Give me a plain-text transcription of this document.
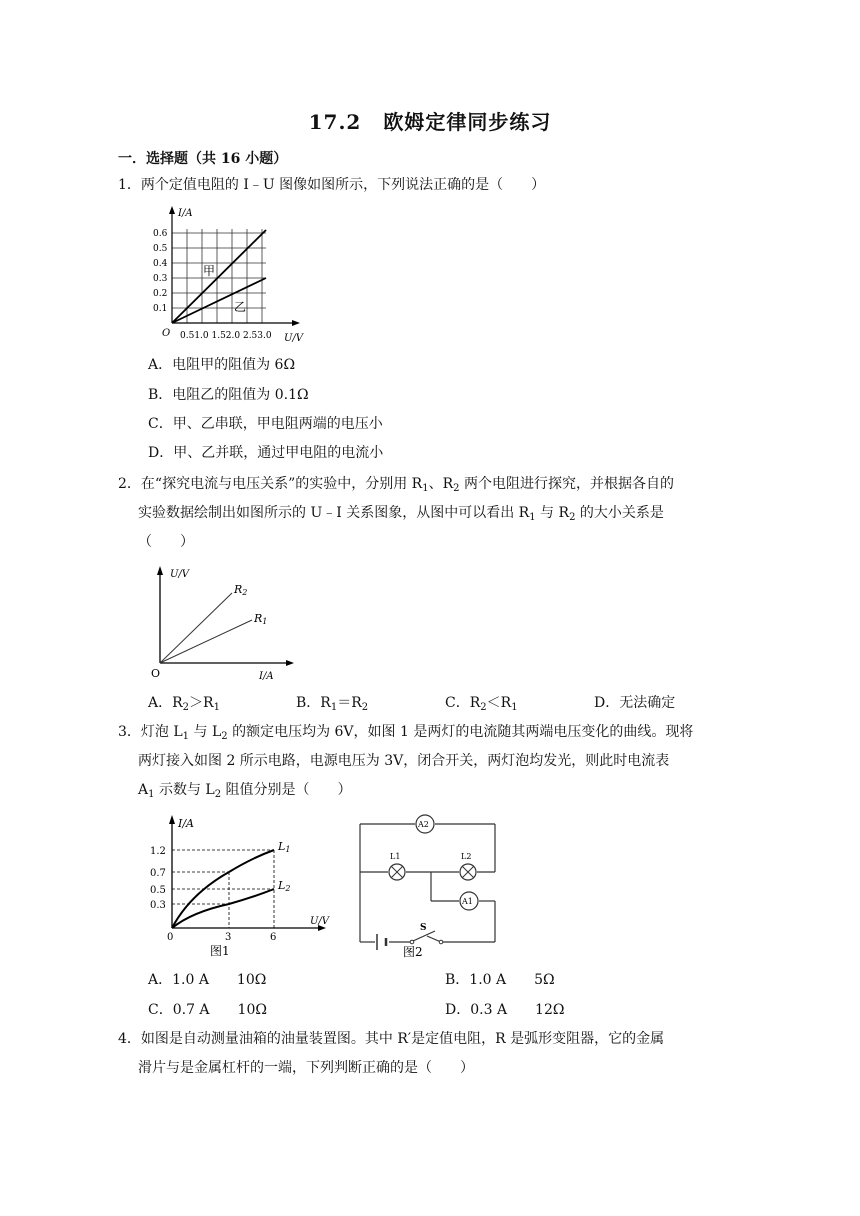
17.2 欧姆定律同步练习
一．选择题（共 16 小题）
1．两个定值电阻的 I﹣U 图像如图所示，下列说法正确的是（　　）
I/A
0.6
0.5
0.4
0.3
0.2
0.1
O 0.51.0 1.52.0 2.53.0 U/V
甲
乙
A．电阻甲的阻值为 6Ω
B．电阻乙的阻值为 0.1Ω
C．甲、乙串联，甲电阻两端的电压小
D．甲、乙并联，通过甲电阻的电流小
2．在“探究电流与电压关系”的实验中，分别用 $R_1$、$R_2$ 两个电阻进行探究，并根据各自的
实验数据绘制出如图所示的 U﹣I 关系图象，从图中可以看出 $R_1$ 与 $R_2$ 的大小关系是
（　　）
U/V
O	I/A
R2
R1
A．$R_2>R_1$	B．$R_1=R_2$	C．$R_2<R_1$	D．无法确定
3．灯泡 $L_1$ 与 $L_2$ 的额定电压均为 6V，如图 1 是两灯的电流随其两端电压变化的曲线。现将
两灯接入如图 2 所示电路，电源电压为 3V，闭合开关，两灯泡均发光，则此时电流表
$A_1$ 示数与 $L_2$ 阻值分别是（　　）
I/A
1.2
0.7
0.5
0.3
0	3	6
U/V
L1
L2
图1
A2
L1	L2
A1
S
图2
A．1.0 A　　10Ω	B．1.0 A　　5Ω
C．0.7 A　　10Ω	D．0.3 A　　12Ω
4．如图是自动测量油箱的油量装置图。其中 R′是定值电阻，R 是弧形变阻器，它的金属
滑片与是金属杠杆的一端，下列判断正确的是（　　）
